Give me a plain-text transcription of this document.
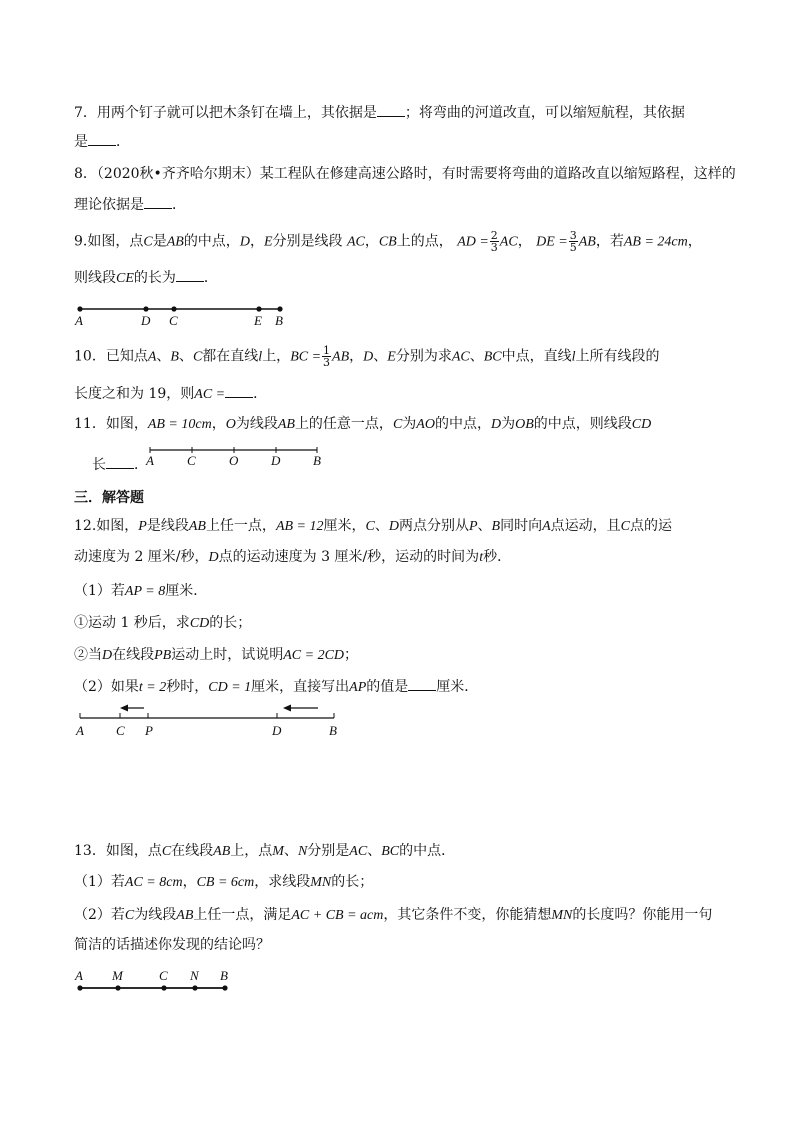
7．用两个钉子就可以把木条钉在墙上，其依据是 ；将弯曲的河道改直，可以缩短航程，其依据
是 ．
8．（2020秋•齐齐哈尔期末）某工程队在修建高速公路时，有时需要将弯曲的道路改直以缩短路程，这样的
理论依据是 ．
9.如图，点C是AB的中点，D，E分别是线段 AC，CB上的点， AD = $\frac{2}{3}$ AC， DE = $\frac{3}{5}$ AB，若AB = 24cm，
则线段CE的长为 ．
A	D C	E B
10．已知点A、B、C都在直线l上，BC = $\frac{1}{3}$ AB，D、E分别为求AC、BC中点，直线l上所有线段的
长度之和为 19，则AC = ．
11．如图，AB = 10cm，O为线段AB上的任意一点，C为AO的中点，D为OB的中点，则线段CD
长 ．
A	C	O	D	B
三．解答题
12.如图，P是线段AB上任一点，AB = 12厘米，C、D两点分别从P、B同时向A点运动，且C点的运
动速度为 2 厘米/秒，D点的运动速度为 3 厘米/秒，运动的时间为t秒．
（1）若AP = 8厘米．
①运动 1 秒后，求CD的长；
②当D在线段PB运动上时，试说明AC = 2CD；
（2）如果t = 2秒时，CD = 1厘米，直接写出AP的值是 厘米．
A C P	D	B
13．如图，点C在线段AB上，点M、N分别是AC、BC的中点．
（1）若AC = 8cm，CB = 6cm，求线段MN的长；
（2）若C为线段AB上任一点，满足AC + CB = acm，其它条件不变，你能猜想MN的长度吗？你能用一句
简洁的话描述你发现的结论吗？
A M	C N B
